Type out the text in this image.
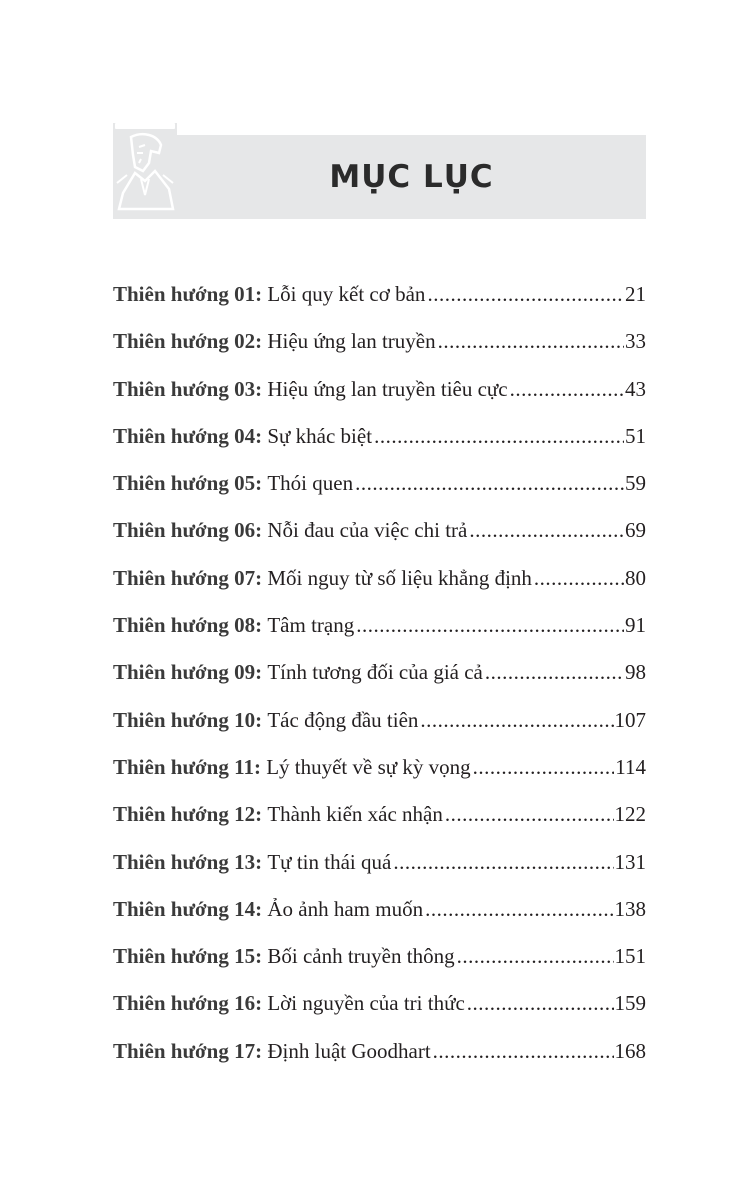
MỤC LỤC
Thiên hướng 01:
Lỗi quy kết cơ bản .....	21
Thiên hướng 02:
Hiệu ứng lan truyền .....	33
Thiên hướng 03:
Hiệu ứng lan truyền tiêu cực .....	43
Thiên hướng 04:
Sự khác biệt .....	51
Thiên hướng 05:
Thói quen .....	59
Thiên hướng 06:
Nỗi đau của việc chi trả .....	69
Thiên hướng 07:
Mối nguy từ số liệu khẳng định .....	80
Thiên hướng 08:
Tâm trạng .....	91
Thiên hướng 09:
Tính tương đối của giá cả .....	98
Thiên hướng 10:
Tác động đầu tiên .....	107
Thiên hướng 11:
Lý thuyết về sự kỳ vọng .....	114
Thiên hướng 12:
Thành kiến xác nhận .....	122
Thiên hướng 13:
Tự tin thái quá .....	131
Thiên hướng 14:
Ảo ảnh ham muốn .....	138
Thiên hướng 15:
Bối cảnh truyền thông .....	151
Thiên hướng 16:
Lời nguyền của tri thức .....	159
Thiên hướng 17:
Định luật Goodhart .....	168
